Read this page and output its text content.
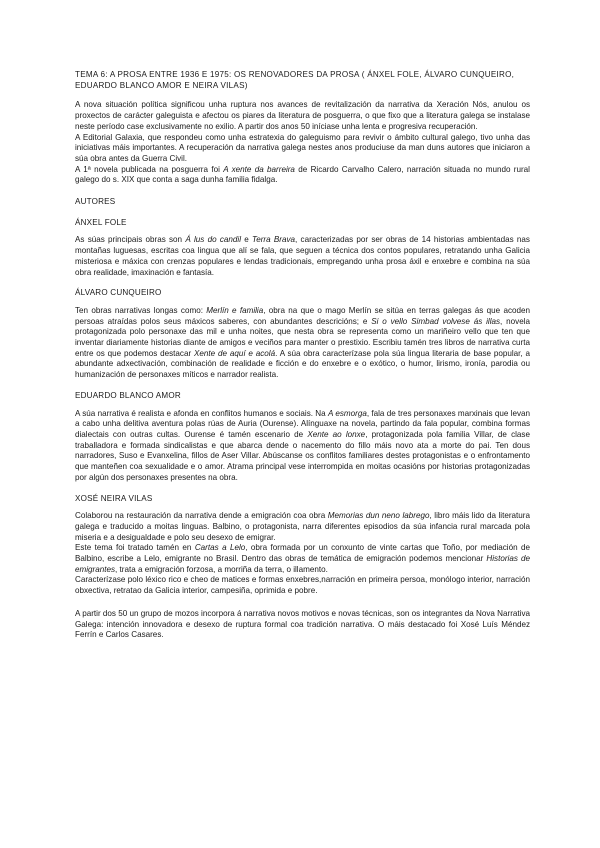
TEMA 6: A PROSA ENTRE 1936 E 1975: OS RENOVADORES DA PROSA ( ÁNXEL FOLE, ÁLVARO CUNQUEIRO, EDUARDO BLANCO AMOR E NEIRA VILAS)

A nova situación política significou unha ruptura nos avances de revitalización da narrativa da Xeración Nós, anulou os proxectos de carácter galeguista e afectou os piares da literatura de posguerra, o que fixo que a literatura galega se instalase neste período case exclusivamente no exilio. A partir dos anos 50 iníciase unha lenta e progresiva recuperación.

A Editorial Galaxia, que respondeu como unha estratexia do galeguismo para revivir o ámbito cultural galego, tivo unha das iniciativas máis importantes. A recuperación da narrativa galega nestes anos produciuse da man duns autores que iniciaron a súa obra antes da Guerra Civil.

A 1ª novela publicada na posguerra foi A xente da barreira de Ricardo Carvalho Calero, narración situada no mundo rural galego do s. XIX que conta a saga dunha familia fidalga.

AUTORES
ÁNXEL FOLE

As súas principais obras son Á lus do candil e Terra Brava, caracterizadas por ser obras de 14 historias ambientadas nas montañas luguesas, escritas coa lingua que alí se fala, que seguen a técnica dos contos populares, retratando unha Galicia misteriosa e máxica con crenzas populares e lendas tradicionais, empregando unha prosa áxil e enxebre e combina na súa obra realidade, imaxinación e fantasía.

ÁLVARO CUNQUEIRO

Ten obras narrativas longas como: Merlín e familia, obra na que o mago Merlín se sitúa en terras galegas ás que acoden persoas atraídas polos seus máxicos saberes, con abundantes descricións; e Si o vello Simbad volvese ás illas, novela protagonizada polo personaxe das mil e unha noites, que nesta obra se representa como un mariñeiro vello que ten que inventar diariamente historias diante de amigos e veciños para manter o prestixio. Escribiu tamén tres libros de narrativa curta entre os que podemos destacar Xente de aquí e acolá. A súa obra caracterízase pola súa lingua literaria de base popular, a abundante adxectivación, combinación de realidade e ficción e do enxebre e o exótico, o humor, lirismo, ironía, parodia ou humanización de personaxes míticos e narrador realista.

EDUARDO BLANCO AMOR

A súa narrativa é realista e afonda en conflitos humanos e sociais. Na A esmorga, fala de tres personaxes marxinais que levan a cabo unha delitiva aventura polas rúas de Auria (Ourense). Alínguaxe na novela, partindo da fala popular, combina formas dialectais con outras cultas. Ourense é tamén escenario de Xente ao lonxe, protagonizada pola familia Villar, de clase traballadora e formada sindicalistas e que abarca dende o nacemento do fillo máis novo ata a morte do pai. Ten dous narradores, Suso e Evanxelina, fillos de Aser Villar. Abúscanse os conflitos familiares destes protagonistas e o enfrontamento que manteñen coa sexualidade e o amor. Atrama principal vese interrompida en moitas ocasións por historias protagonizadas por algún dos personaxes presentes na obra.

XOSÉ NEIRA VILAS

Colaborou na restauración da narrativa dende a emigración coa obra Memorias dun neno labrego, libro máis lido da literatura galega e traducido a moitas linguas. Balbino, o protagonista, narra diferentes episodios da súa infancia rural marcada pola miseria e a desigualdade e polo seu desexo de emigrar.

Este tema foi tratado tamén en Cartas a Lelo, obra formada por un conxunto de vinte cartas que Toño, por mediación de Balbino, escribe a Lelo, emigrante no Brasil. Dentro das obras de temática de emigración podemos mencionar Historias de emigrantes, trata a emigración forzosa, a morriña da terra, o illamento.

Caracterízase polo léxico rico e cheo de matices e formas enxebres,narración en primeira persoa, monólogo interior, narración obxectiva, retratao da Galicia interior, campesiña, oprimida e pobre.

A partir dos 50 un grupo de mozos incorpora á narrativa novos motivos e novas técnicas, son os integrantes da Nova Narrativa Galega: intención innovadora e desexo de ruptura formal coa tradición narrativa. O máis destacado foi Xosé Luís Méndez Ferrín e Carlos Casares.
